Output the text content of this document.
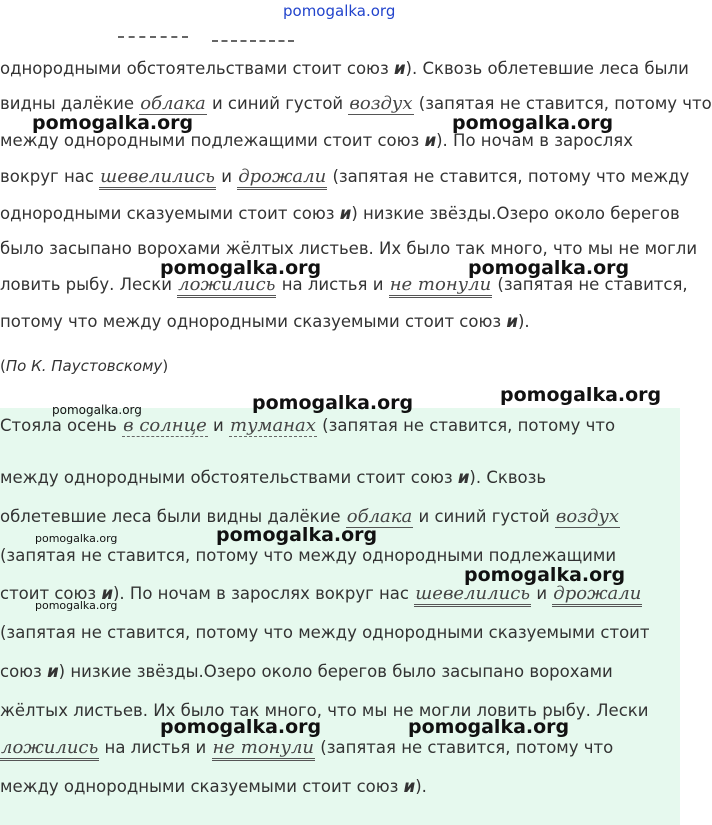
однородными обстоятельствами стоит союз и). Сквозь облетевшие леса были
видны далёкие облака и синий густой воздух (запятая не ставится, потому что
между однородными подлежащими стоит союз и). По ночам в зарослях
вокруг нас шевелились и дрожали (запятая не ставится, потому что между
однородными сказуемыми стоит союз и) низкие звёзды.Озеро около берегов
было засыпано ворохами жёлтых листьев. Их было так много, что мы не могли
ловить рыбу. Лески ложились на листья и не тонули (запятая не ставится,
потому что между однородными сказуемыми стоит союз и).
(По К. Паустовскому)
Стояла осень в солнце и туманах (запятая не ставится, потому что
между однородными обстоятельствами стоит союз и). Сквозь
облетевшие леса были видны далёкие облака и синий густой воздух
(запятая не ставится, потому что между однородными подлежащими
стоит союз и). По ночам в зарослях вокруг нас шевелились и дрожали
(запятая не ставится, потому что между однородными сказуемыми стоит
союз и) низкие звёзды.Озеро около берегов было засыпано ворохами
жёлтых листьев. Их было так много, что мы не могли ловить рыбу. Лески
ложились на листья и не тонули (запятая не ставится, потому что
между однородными сказуемыми стоит союз и).
pomogalka.org
pomogalka.org	pomogalka.org
pomogalka.org	pomogalka.org
pomogalka.org
pomogalka.org
pomogalka.org
pomogalka.org
pomogalka.org
pomogalka.org
pomogalka.org
pomogalka.org	pomogalka.org
